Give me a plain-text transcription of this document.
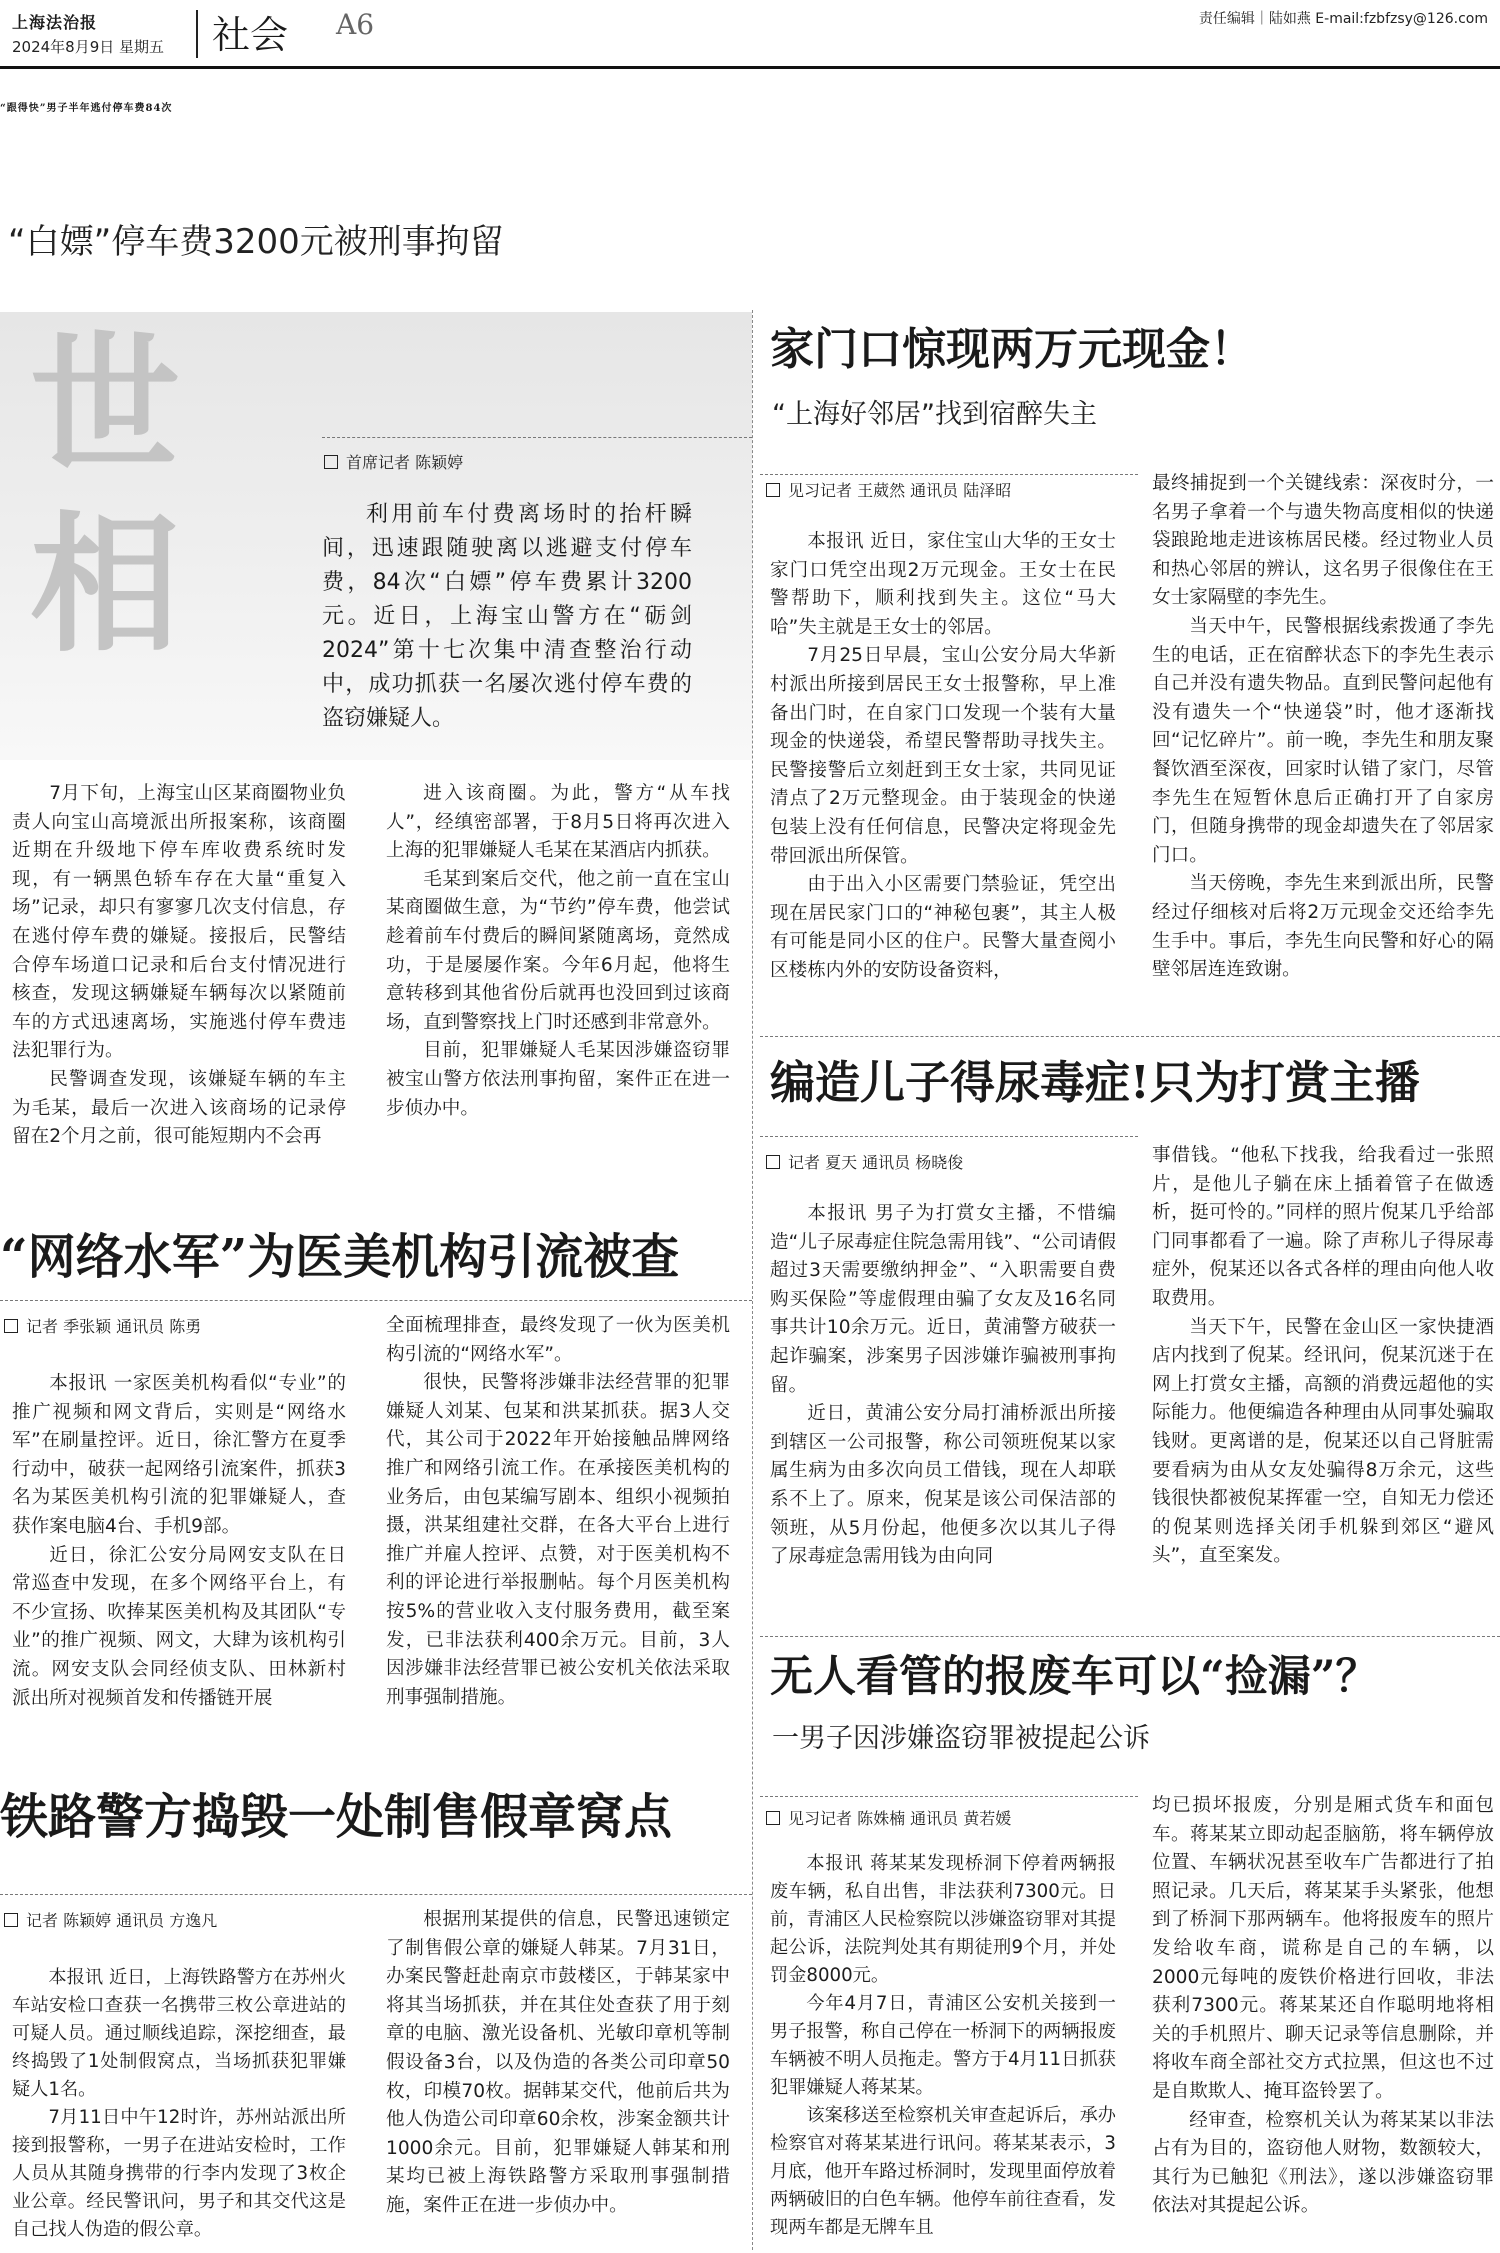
上海法治报
2024年8月9日 星期五 社会 A6	责任编辑｜陆如燕 E-mail:fzbfzsy@126.com
“跟得快”男子半年逃付停车费84次
“白嫖”停车费3200元被刑事拘留
世
相
首席记者 陈颖婷

利用前车付费离场时的抬杆瞬间，迅速跟随驶离以逃避支付停车费，84次“白嫖”停车费累计3200元。近日，上海宝山警方在“砺剑2024”第十七次集中清查整治行动中，成功抓获一名屡次逃付停车费的盗窃嫌疑人。

7月下旬，上海宝山区某商圈物业负责人向宝山高境派出所报案称，该商圈近期在升级地下停车库收费系统时发现，有一辆黑色轿车存在大量“重复入场”记录，却只有寥寥几次支付信息，存在逃付停车费的嫌疑。接报后，民警结合停车场道口记录和后台支付情况进行核查，发现这辆嫌疑车辆每次以紧随前车的方式迅速离场，实施逃付停车费违法犯罪行为。

民警调查发现，该嫌疑车辆的车主为毛某，最后一次进入该商场的记录停留在2个月之前，很可能短期内不会再

进入该商圈。为此，警方“从车找人”，经缜密部署，于8月5日将再次进入上海的犯罪嫌疑人毛某在某酒店内抓获。

毛某到案后交代，他之前一直在宝山某商圈做生意，为“节约”停车费，他尝试趁着前车付费后的瞬间紧随离场，竟然成功，于是屡屡作案。今年6月起，他将生意转移到其他省份后就再也没回到过该商场，直到警察找上门时还感到非常意外。

目前，犯罪嫌疑人毛某因涉嫌盗窃罪被宝山警方依法刑事拘留，案件正在进一步侦办中。

“网络水军”为医美机构引流被查
记者 季张颖 通讯员 陈勇

本报讯 一家医美机构看似“专业”的推广视频和网文背后，实则是“网络水军”在刷量控评。近日，徐汇警方在夏季行动中，破获一起网络引流案件，抓获3名为某医美机构引流的犯罪嫌疑人，查获作案电脑4台、手机9部。

近日，徐汇公安分局网安支队在日常巡查中发现，在多个网络平台上，有不少宣扬、吹捧某医美机构及其团队“专业”的推广视频、网文，大肆为该机构引流。网安支队会同经侦支队、田林新村派出所对视频首发和传播链开展

全面梳理排查，最终发现了一伙为医美机构引流的“网络水军”。

很快，民警将涉嫌非法经营罪的犯罪嫌疑人刘某、包某和洪某抓获。据3人交代，其公司于2022年开始接触品牌网络推广和网络引流工作。在承接医美机构的业务后，由包某编写剧本、组织小视频拍摄，洪某组建社交群，在各大平台上进行推广并雇人控评、点赞，对于医美机构不利的评论进行举报删帖。每个月医美机构按5%的营业收入支付服务费用，截至案发，已非法获利400余万元。目前，3人因涉嫌非法经营罪已被公安机关依法采取刑事强制措施。

铁路警方捣毁一处制售假章窝点
记者 陈颖婷 通讯员 方逸凡

本报讯 近日，上海铁路警方在苏州火车站安检口查获一名携带三枚公章进站的可疑人员。通过顺线追踪，深挖细查，最终捣毁了1处制假窝点，当场抓获犯罪嫌疑人1名。

7月11日中午12时许，苏州站派出所接到报警称，一男子在进站安检时，工作人员从其随身携带的行李内发现了3枚企业公章。经民警讯问，男子和其交代这是自己找人伪造的假公章。

根据刑某提供的信息，民警迅速锁定了制售假公章的嫌疑人韩某。7月31日，办案民警赶赴南京市鼓楼区，于韩某家中将其当场抓获，并在其住处查获了用于刻章的电脑、激光设备机、光敏印章机等制假设备3台，以及伪造的各类公司印章50枚，印模70枚。据韩某交代，他前后共为他人伪造公司印章60余枚，涉案金额共计1000余元。目前，犯罪嫌疑人韩某和刑某均已被上海铁路警方采取刑事强制措施，案件正在进一步侦办中。

家门口惊现两万元现金！
“上海好邻居”找到宿醉失主
见习记者 王葳然 通讯员 陆泽昭

本报讯 近日，家住宝山大华的王女士家门口凭空出现2万元现金。王女士在民警帮助下，顺利找到失主。这位“马大哈”失主就是王女士的邻居。

7月25日早晨，宝山公安分局大华新村派出所接到居民王女士报警称，早上准备出门时，在自家门口发现一个装有大量现金的快递袋，希望民警帮助寻找失主。民警接警后立刻赶到王女士家，共同见证清点了2万元整现金。由于装现金的快递包装上没有任何信息，民警决定将现金先带回派出所保管。

由于出入小区需要门禁验证，凭空出现在居民家门口的“神秘包裹”，其主人极有可能是同小区的住户。民警大量查阅小区楼栋内外的安防设备资料，

最终捕捉到一个关键线索：深夜时分，一名男子拿着一个与遗失物高度相似的快递袋踉跄地走进该栋居民楼。经过物业人员和热心邻居的辨认，这名男子很像住在王女士家隔壁的李先生。

当天中午，民警根据线索拨通了李先生的电话，正在宿醉状态下的李先生表示自己并没有遗失物品。直到民警问起他有没有遗失一个“快递袋”时，他才逐渐找回“记忆碎片”。前一晚，李先生和朋友聚餐饮酒至深夜，回家时认错了家门，尽管李先生在短暂休息后正确打开了自家房门，但随身携带的现金却遗失在了邻居家门口。

当天傍晚，李先生来到派出所，民警经过仔细核对后将2万元现金交还给李先生手中。事后，李先生向民警和好心的隔壁邻居连连致谢。

编造儿子得尿毒症!只为打赏主播
记者 夏天 通讯员 杨晓俊

本报讯 男子为打赏女主播，不惜编造“儿子尿毒症住院急需用钱”、“公司请假超过3天需要缴纳押金”、“入职需要自费购买保险”等虚假理由骗了女友及16名同事共计10余万元。近日，黄浦警方破获一起诈骗案，涉案男子因涉嫌诈骗被刑事拘留。

近日，黄浦公安分局打浦桥派出所接到辖区一公司报警，称公司领班倪某以家属生病为由多次向员工借钱，现在人却联系不上了。原来，倪某是该公司保洁部的领班，从5月份起，他便多次以其儿子得了尿毒症急需用钱为由向同

事借钱。“他私下找我，给我看过一张照片，是他儿子躺在床上插着管子在做透析，挺可怜的。”同样的照片倪某几乎给部门同事都看了一遍。除了声称儿子得尿毒症外，倪某还以各式各样的理由向他人收取费用。

当天下午，民警在金山区一家快捷酒店内找到了倪某。经讯问，倪某沉迷于在网上打赏女主播，高额的消费远超他的实际能力。他便编造各种理由从同事处骗取钱财。更离谱的是，倪某还以自己肾脏需要看病为由从女友处骗得8万余元，这些钱很快都被倪某挥霍一空，自知无力偿还的倪某则选择关闭手机躲到郊区“避风头”，直至案发。

无人看管的报废车可以“捡漏”？
一男子因涉嫌盗窃罪被提起公诉
见习记者 陈姝楠 通讯员 黄若媛

本报讯 蒋某某发现桥洞下停着两辆报废车辆，私自出售，非法获利7300元。日前，青浦区人民检察院以涉嫌盗窃罪对其提起公诉，法院判处其有期徒刑9个月，并处罚金8000元。

今年4月7日，青浦区公安机关接到一男子报警，称自己停在一桥洞下的两辆报废车辆被不明人员拖走。警方于4月11日抓获犯罪嫌疑人蒋某某。

该案移送至检察机关审查起诉后，承办检察官对蒋某某进行讯问。蒋某某表示，3月底，他开车路过桥洞时，发现里面停放着两辆破旧的白色车辆。他停车前往查看，发现两车都是无牌车且

均已损坏报废，分别是厢式货车和面包车。蒋某某立即动起歪脑筋，将车辆停放位置、车辆状况甚至收车广告都进行了拍照记录。几天后，蒋某某手头紧张，他想到了桥洞下那两辆车。他将报废车的照片发给收车商，谎称是自己的车辆，以2000元每吨的废铁价格进行回收，非法获利7300元。蒋某某还自作聪明地将相关的手机照片、聊天记录等信息删除，并将收车商全部社交方式拉黑，但这也不过是自欺欺人、掩耳盗铃罢了。

经审查，检察机关认为蒋某某以非法占有为目的，盗窃他人财物，数额较大，其行为已触犯《刑法》，遂以涉嫌盗窃罪依法对其提起公诉。
